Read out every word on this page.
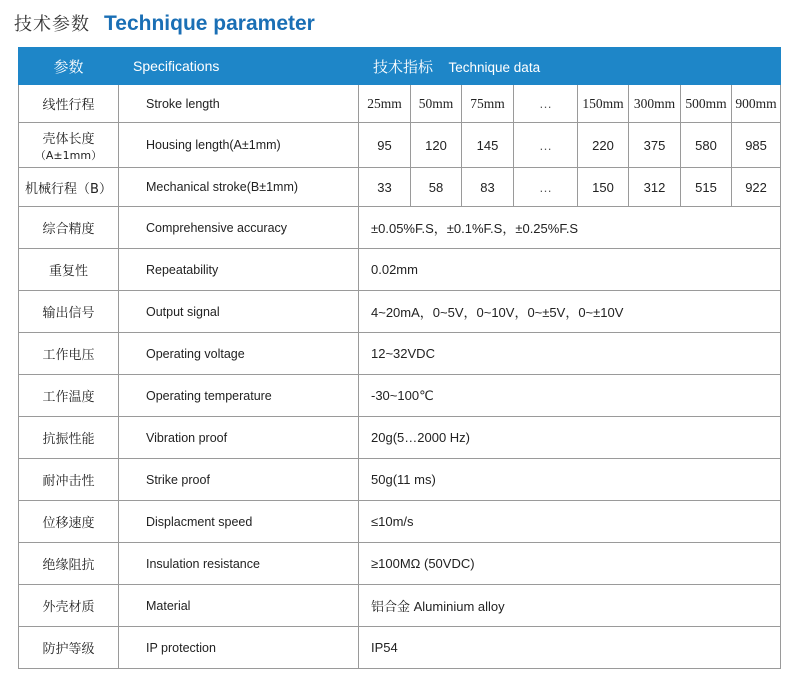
技术参数 Technique parameter
参数	Specifications	技术指标 Technique data							
线性行程	Stroke length	25mm	50mm	75mm	…	150mm	300mm	500mm	900mm
壳体长度
（A±1mm）	Housing length(A±1mm)	95	120	145	…	220	375	580	985
机械行程（B）	Mechanical stroke(B±1mm)	33	58	83	…	150	312	515	922
综合精度	Comprehensive accuracy	±0.05%F.S，±0.1%F.S，±0.25%F.S							
重复性	Repeatability	0.02mm							
输出信号	Output signal	4~20mA，0~5V，0~10V，0~±5V，0~±10V							
工作电压	Operating voltage	12~32VDC							
工作温度	Operating temperature	-30~100℃							
抗振性能	Vibration proof	20g(5…2000 Hz)							
耐冲击性	Strike proof	50g(11 ms)							
位移速度	Displacment speed	≤10m/s							
绝缘阻抗	Insulation resistance	≥100MΩ (50VDC)							
外壳材质	Material	铝合金 Aluminium alloy							
防护等级	IP protection	IP54							
